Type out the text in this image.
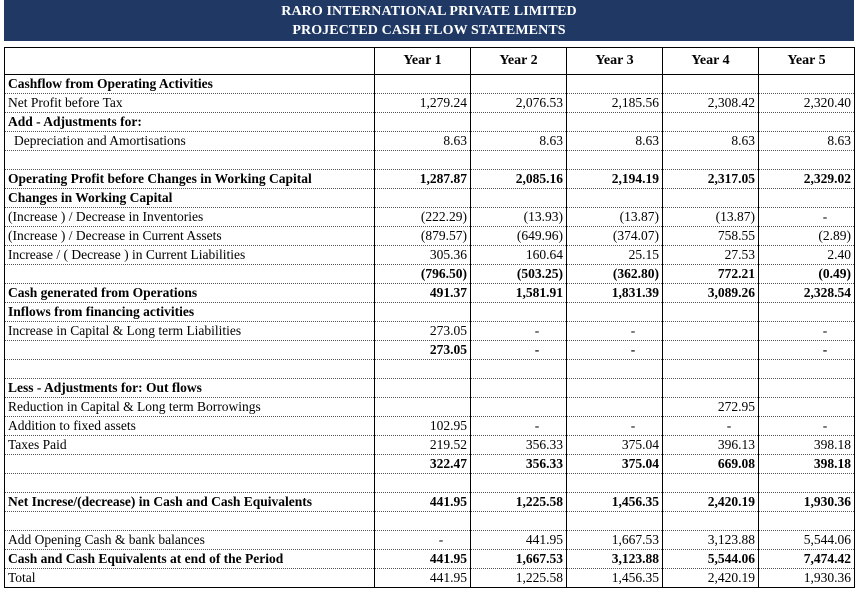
RARO INTERNATIONAL PRIVATE LIMITED
PROJECTED CASH FLOW STATEMENTS
	Year 1	Year 2	Year 3	Year 4	Year 5
Cashflow from Operating Activities					
Net Profit before Tax	1,279.24	2,076.53	2,185.56	2,308.42	2,320.40
Add - Adjustments for:					
Depreciation and Amortisations	8.63	8.63	8.63	8.63	8.63

Operating Profit before Changes in Working Capital	1,287.87	2,085.16	2,194.19	2,317.05	2,329.02
Changes in Working Capital					
(Increase ) / Decrease in Inventories	(222.29)	(13.93)	(13.87)	(13.87)	-
(Increase ) / Decrease in Current Assets	(879.57)	(649.96)	(374.07)	758.55	(2.89)
Increase / ( Decrease ) in Current Liabilities	305.36	160.64	25.15	27.53	2.40
	(796.50)	(503.25)	(362.80)	772.21	(0.49)
Cash generated from Operations	491.37	1,581.91	1,831.39	3,089.26	2,328.54
Inflows from financing activities					
Increase in Capital & Long term Liabilities	273.05	-	-		-
	273.05	-	-		-

Less - Adjustments for: Out flows					
Reduction in Capital & Long term Borrowings				272.95	
Addition to fixed assets	102.95	-	-	-	-
Taxes Paid	219.52	356.33	375.04	396.13	398.18
	322.47	356.33	375.04	669.08	398.18

Net Increse/(decrease) in Cash and Cash Equivalents	441.95	1,225.58	1,456.35	2,420.19	1,930.36

Add Opening Cash & bank balances	-	441.95	1,667.53	3,123.88	5,544.06
Cash and Cash Equivalents at end of the Period	441.95	1,667.53	3,123.88	5,544.06	7,474.42
Total	441.95	1,225.58	1,456.35	2,420.19	1,930.36
